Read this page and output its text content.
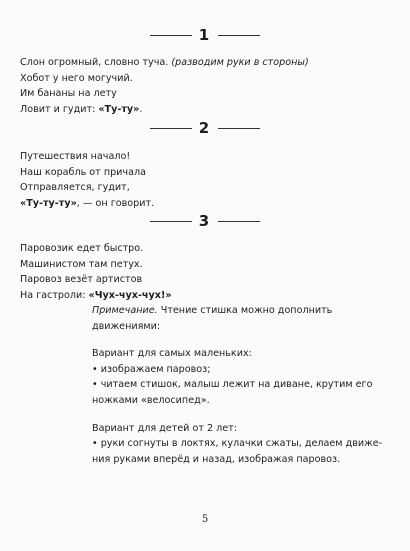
1
Слон огромный, словно туча. (разводим руки в стороны)
Хобот у него могучий.
Им бананы на лету
Ловит и гудит: «Ту-ту».
2
Путешествия начало!
Наш корабль от причала
Отправляется, гудит,
«Ту-ту-ту», — он говорит.
3
Паровозик едет быстро.
Машинистом там петух.
Паровоз везёт артистов
На гастроли: «Чух-чух-чух!»

Примечание. Чтение стишка можно дополнить движениями:

Вариант для самых маленьких:

• изображаем паровоз;

• читаем стишок, малыш лежит на диване, крутим его

ножками «велосипед».

Вариант для детей от 2 лет:

• руки согнуты в локтях, кулачки сжаты, делаем движе-

ния руками вперёд и назад, изображая паровоз.

5
